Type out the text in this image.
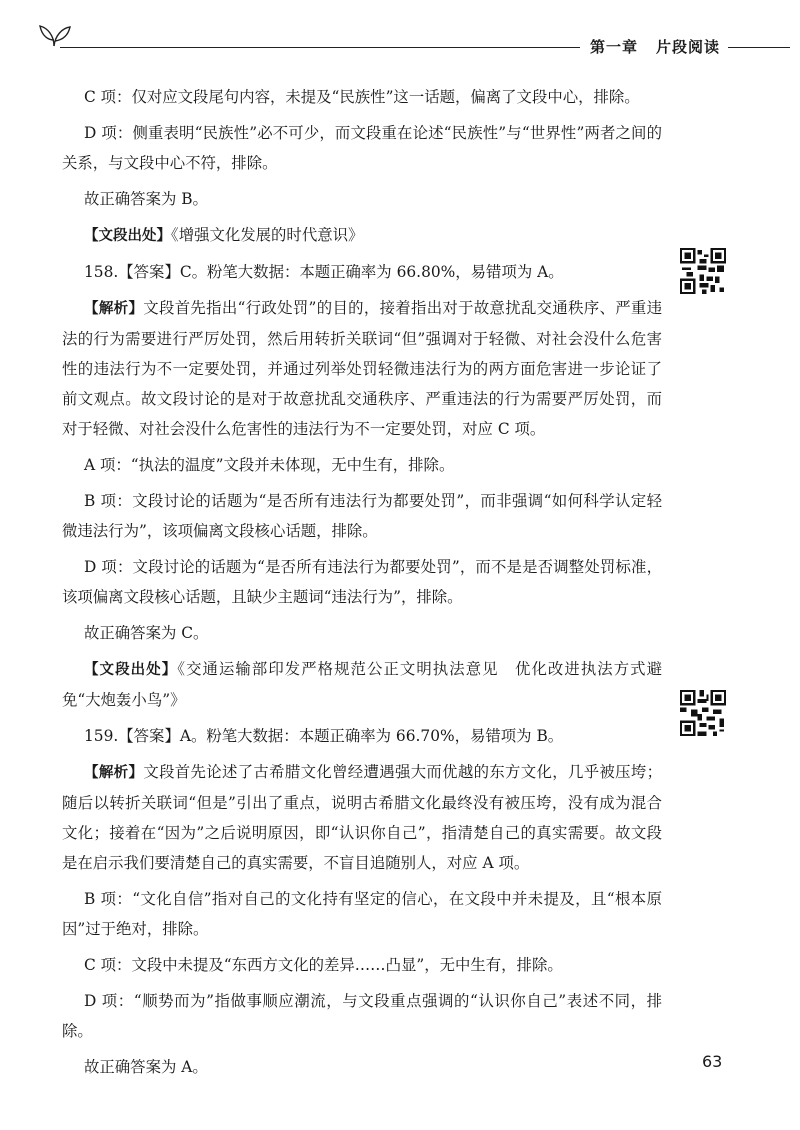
第一章 片段阅读

C 项：仅对应文段尾句内容，未提及“民族性”这一话题，偏离了文段中心，排除。

D 项：侧重表明“民族性”必不可少，而文段重在论述“民族性”与“世界性”两者之间的关系，与文段中心不符，排除。

故正确答案为 B。

【文段出处】《增强文化发展的时代意识》

158.【答案】C。粉笔大数据：本题正确率为 66.80%，易错项为 A。

【解析】文段首先指出“行政处罚”的目的，接着指出对于故意扰乱交通秩序、严重违法的行为需要进行严厉处罚，然后用转折关联词“但”强调对于轻微、对社会没什么危害性的违法行为不一定要处罚，并通过列举处罚轻微违法行为的两方面危害进一步论证了前文观点。故文段讨论的是对于故意扰乱交通秩序、严重违法的行为需要严厉处罚，而对于轻微、对社会没什么危害性的违法行为不一定要处罚，对应 C 项。

A 项：“执法的温度”文段并未体现，无中生有，排除。

B 项：文段讨论的话题为“是否所有违法行为都要处罚”，而非强调“如何科学认定轻微违法行为”，该项偏离文段核心话题，排除。

D 项：文段讨论的话题为“是否所有违法行为都要处罚”，而不是是否调整处罚标准，该项偏离文段核心话题，且缺少主题词“违法行为”，排除。

故正确答案为 C。

【文段出处】《交通运输部印发严格规范公正文明执法意见　优化改进执法方式避免“大炮轰小鸟”》

159.【答案】A。粉笔大数据：本题正确率为 66.70%，易错项为 B。

【解析】文段首先论述了古希腊文化曾经遭遇强大而优越的东方文化，几乎被压垮；随后以转折关联词“但是”引出了重点，说明古希腊文化最终没有被压垮，没有成为混合文化；接着在“因为”之后说明原因，即“认识你自己”，指清楚自己的真实需要。故文段是在启示我们要清楚自己的真实需要，不盲目追随别人，对应 A 项。

B 项：“文化自信”指对自己的文化持有坚定的信心，在文段中并未提及，且“根本原因”过于绝对，排除。

C 项：文段中未提及“东西方文化的差异……凸显”，无中生有，排除。

D 项：“顺势而为”指做事顺应潮流，与文段重点强调的“认识你自己”表述不同，排除。

故正确答案为 A。	63
